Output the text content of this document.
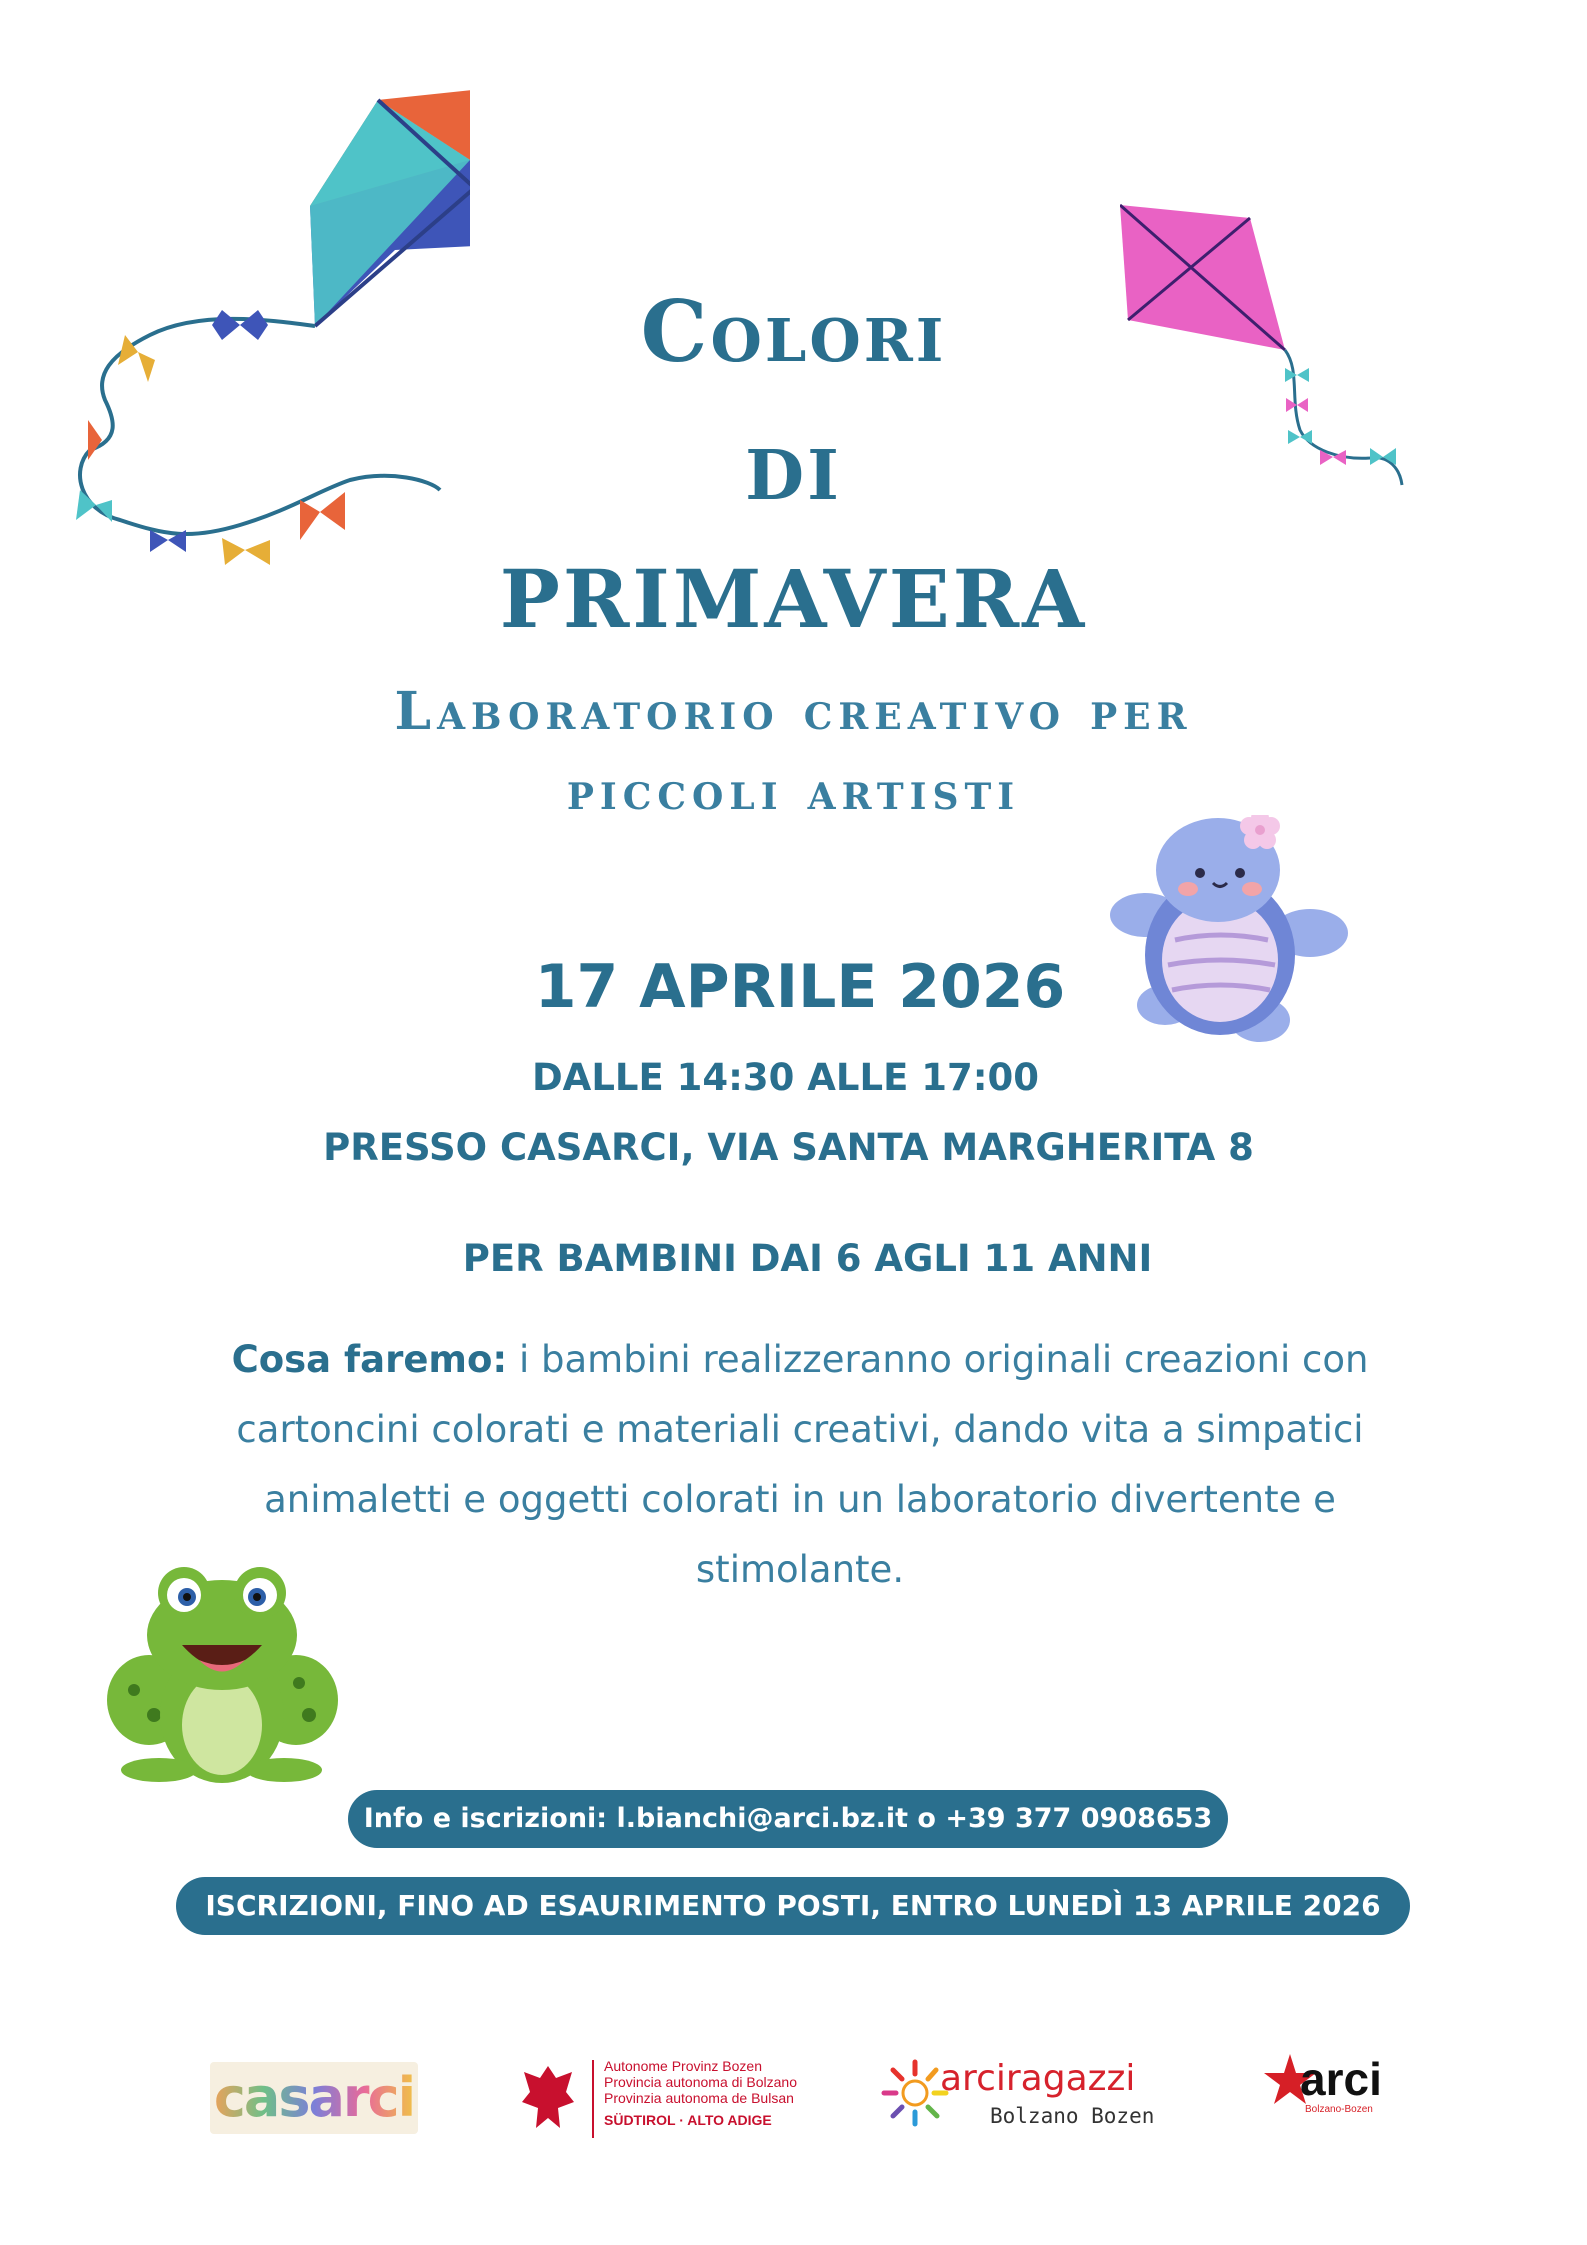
Colori
DI
PRIMAVERA
Laboratorio creativo per
piccoli artisti
17 APRILE 2026
DALLE 14:30 ALLE 17:00
PRESSO CASARCI, VIA SANTA MARGHERITA 8
PER BAMBINI DAI 6 AGLI 11 ANNI
Cosa faremo: i bambini realizzeranno originali creazioni con cartoncini colorati e materiali creativi, dando vita a simpatici animaletti e oggetti colorati in un laboratorio divertente e stimolante.
Info e iscrizioni: l.bianchi@arci.bz.it o +39 377 0908653
ISCRIZIONI, FINO AD ESAURIMENTO POSTI, ENTRO LUNEDÌ 13 APRILE 2026
casarci	Autonome Provinz Bozen
Provincia autonoma di Bolzano
Provinzia autonoma de Bulsan
SÜDTIROL · ALTO ADIGE
arciragazzi
Bolzano Bozen
arci
Bolzano-Bozen
